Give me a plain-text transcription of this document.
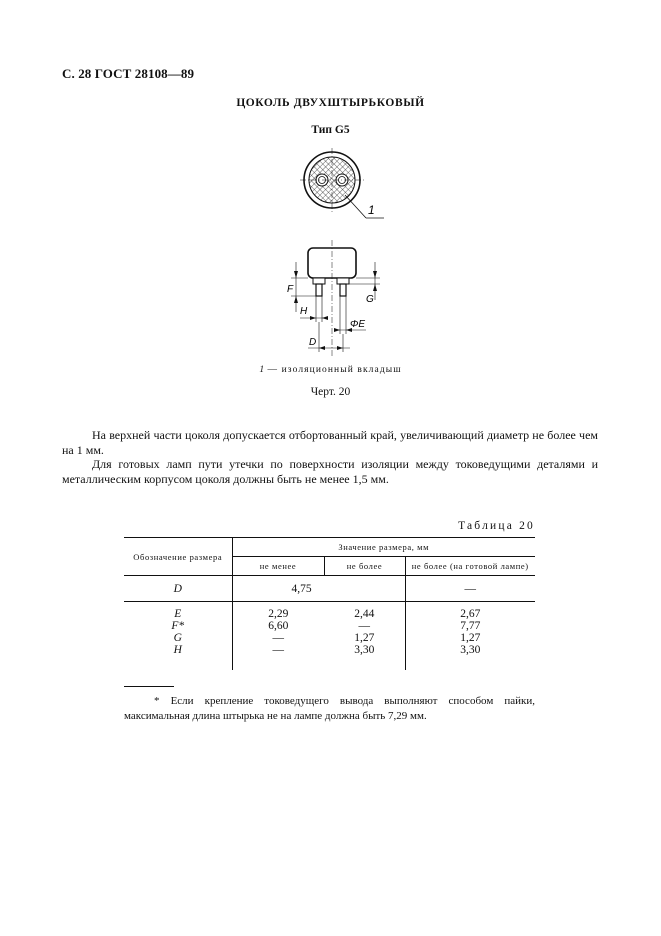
С. 28 ГОСТ 28108—89
ЦОКОЛЬ ДВУХШТЫРЬКОВЫЙ
Тип G5
1
F
G
H
ΦE
D
1 — изоляционный вкладыш
Черт. 20
На верхней части цоколя допускается отбортованный край, увеличивающий диаметр не более чем на 1 мм.
Для готовых ламп пути утечки по поверхности изоляции между токоведущими деталями и металлическим корпусом цоколя должны быть не менее 1,5 мм.
Таблица 20
Обозначение размера	Значение размера, мм		
	не менее	не более	не более (на готовой лампе)
D	4,75		—

E	2,29	2,44	2,67
F*	6,60	—	7,77
G	—	1,27	1,27
H	—	3,30	3,30

* Если крепление токоведущего вывода выполняют способом пайки, максимальная длина штырька не на лампе должна быть 7,29 мм.
